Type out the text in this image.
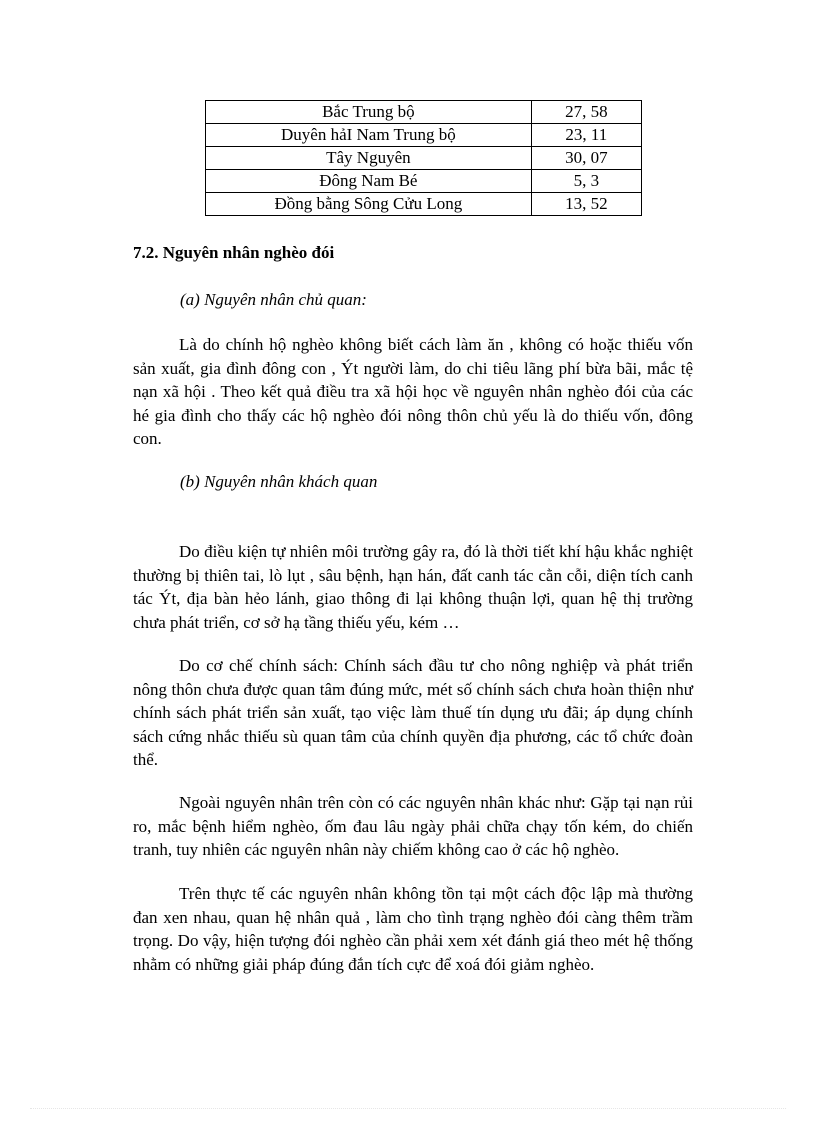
Bắc Trung bộ	27, 58
Duyên hảI Nam Trung bộ	23, 11
Tây Nguyên	30, 07
Đông Nam Bé	5, 3
Đồng bằng Sông Cửu Long	13, 52

7.2. Nguyên nhân nghèo đói

(a) Nguyên nhân chủ quan:

Là do chính hộ nghèo không biết cách làm ăn , không có hoặc thiếu vốn sản xuất, gia đình đông con , Ýt người làm, do chi tiêu lãng phí bừa bãi, mắc tệ nạn xã hội . Theo kết quả điều tra xã hội học về nguyên nhân nghèo đói của các hé gia đình cho thấy các hộ nghèo đói nông thôn chủ yếu là do thiếu vốn, đông con.

(b) Nguyên nhân khách quan

Do điều kiện tự nhiên môi trường gây ra, đó là thời tiết khí hậu khắc nghiệt thường bị thiên tai, lò lụt , sâu bệnh, hạn hán, đất canh tác cằn cỗi, diện tích canh tác Ýt, địa bàn hẻo lánh, giao thông đi lại không thuận lợi, quan hệ thị trường chưa phát triển, cơ sở hạ tầng thiếu yếu, kém …

Do cơ chế chính sách: Chính sách đầu tư cho nông nghiệp và phát triển nông thôn chưa được quan tâm đúng mức, mét số chính sách chưa hoàn thiện như chính sách phát triển sản xuất, tạo việc làm thuế tín dụng ưu đãi; áp dụng chính sách cứng nhắc thiếu sù quan tâm của chính quyền địa phương, các tổ chức đoàn thể.

Ngoài nguyên nhân trên còn có các nguyên nhân khác như: Gặp tại nạn rủi ro, mắc bệnh hiểm nghèo, ốm đau lâu ngày phải chữa chạy tốn kém, do chiến tranh, tuy nhiên các nguyên nhân này chiếm không cao ở các hộ nghèo.

Trên thực tế các nguyên nhân không tồn tại một cách độc lập mà thường đan xen nhau, quan hệ nhân quả , làm cho tình trạng nghèo đói càng thêm trầm trọng. Do vậy, hiện tượng đói nghèo cần phải xem xét đánh giá theo mét hệ thống nhằm có những giải pháp đúng đắn tích cực để xoá đói giảm nghèo.
